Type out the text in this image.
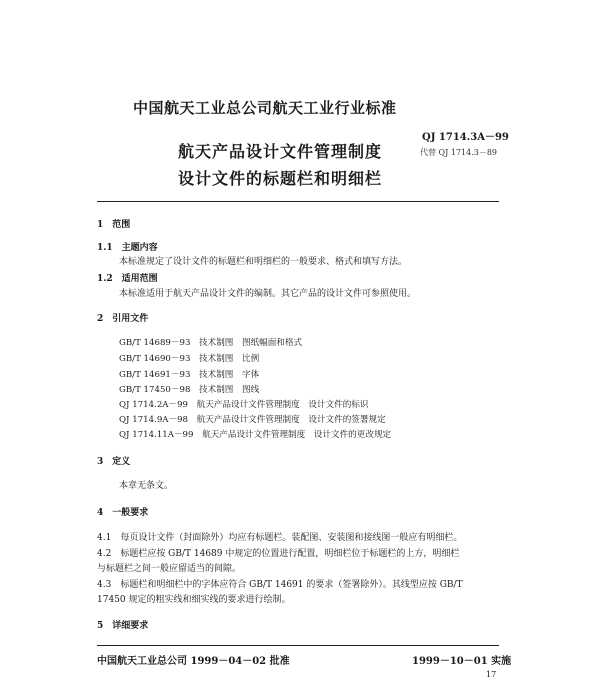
中国航天工业总公司航天工业行业标准
QJ 1714.3A－99
代替 QJ 1714.3－89
航天产品设计文件管理制度
设计文件的标题栏和明细栏
1　范围
1.1　主题内容
本标准规定了设计文件的标题栏和明细栏的一般要求、格式和填写方法。
1.2　适用范围
本标准适用于航天产品设计文件的编制。其它产品的设计文件可参照使用。
2　引用文件
GB/T 14689－93　技术制图　图纸幅面和格式
GB/T 14690－93　技术制图　比例
GB/T 14691－93　技术制图　字体
GB/T 17450－98　技术制图　图线
QJ 1714.2A－99　航天产品设计文件管理制度　设计文件的标识
QJ 1714.9A－98　航天产品设计文件管理制度　设计文件的签署规定
QJ 1714.11A－99　航天产品设计文件管理制度　设计文件的更改规定
3　定义
本章无条文。
4　一般要求
4.1　每页设计文件（封面除外）均应有标题栏。装配图、安装图和接线图一般应有明细栏。
4.2　标题栏应按 GB/T 14689 中规定的位置进行配置，明细栏位于标题栏的上方，明细栏
与标题栏之间一般应留适当的间隙。
4.3　标题栏和明细栏中的字体应符合 GB/T 14691 的要求（签署除外）。其线型应按 GB/T
17450 规定的粗实线和细实线的要求进行绘制。
5　详细要求
中国航天工业总公司 1999－04－02 批准	1999－10－01 实施
17
